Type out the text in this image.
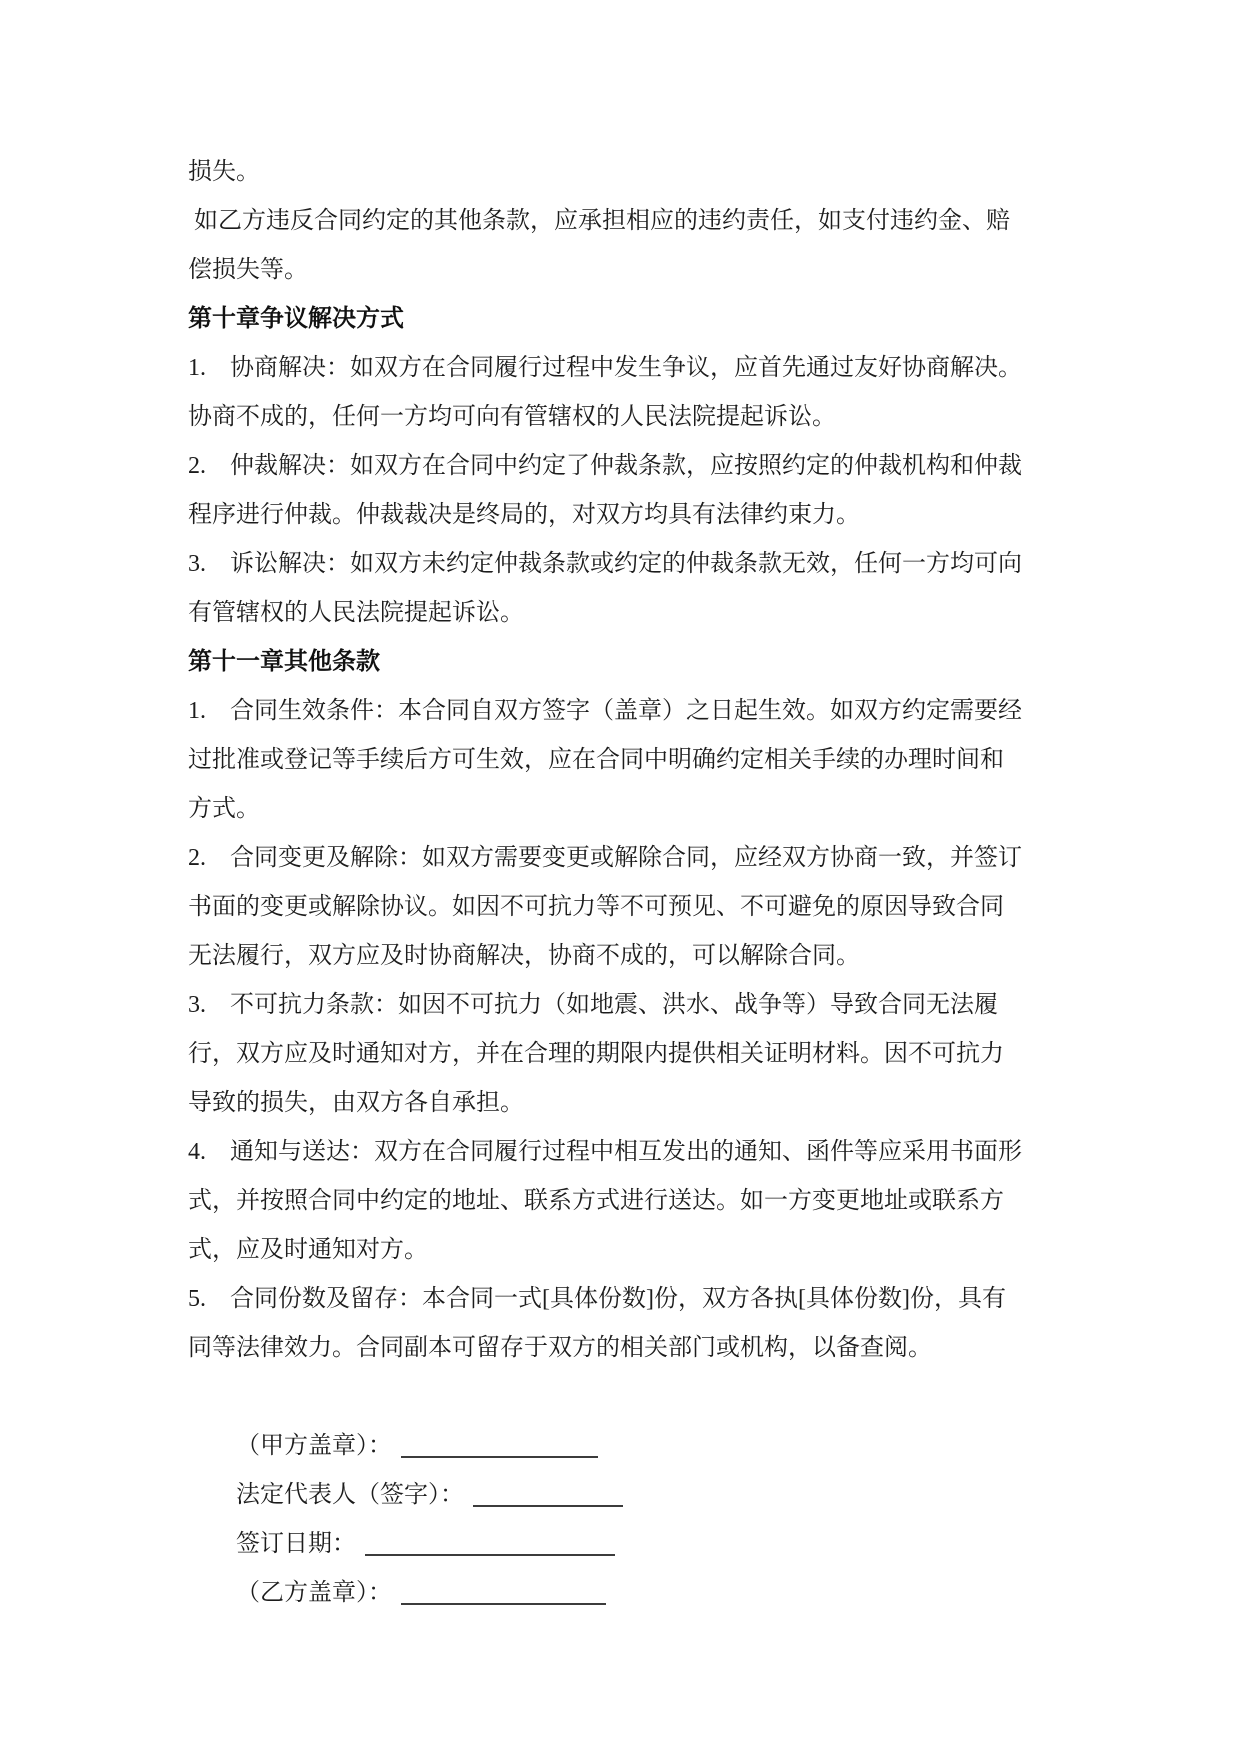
损失。
如乙方违反合同约定的其他条款，应承担相应的违约责任，如支付违约金、赔
偿损失等。
第十章争议解决方式
1.　协商解决：如双方在合同履行过程中发生争议，应首先通过友好协商解决。
协商不成的，任何一方均可向有管辖权的人民法院提起诉讼。
2.　仲裁解决：如双方在合同中约定了仲裁条款，应按照约定的仲裁机构和仲裁
程序进行仲裁。仲裁裁决是终局的，对双方均具有法律约束力。
3.　诉讼解决：如双方未约定仲裁条款或约定的仲裁条款无效，任何一方均可向
有管辖权的人民法院提起诉讼。
第十一章其他条款
1.　合同生效条件：本合同自双方签字（盖章）之日起生效。如双方约定需要经
过批准或登记等手续后方可生效，应在合同中明确约定相关手续的办理时间和
方式。
2.　合同变更及解除：如双方需要变更或解除合同，应经双方协商一致，并签订
书面的变更或解除协议。如因不可抗力等不可预见、不可避免的原因导致合同
无法履行，双方应及时协商解决，协商不成的，可以解除合同。
3.　不可抗力条款：如因不可抗力（如地震、洪水、战争等）导致合同无法履
行，双方应及时通知对方，并在合理的期限内提供相关证明材料。因不可抗力
导致的损失，由双方各自承担。
4.　通知与送达：双方在合同履行过程中相互发出的通知、函件等应采用书面形
式，并按照合同中约定的地址、联系方式进行送达。如一方变更地址或联系方
式，应及时通知对方。
5.　合同份数及留存：本合同一式[具体份数]份，双方各执[具体份数]份，具有
同等法律效力。合同副本可留存于双方的相关部门或机构，以备查阅。

（甲方盖章）：

法定代表人（签字）：

签订日期：

（乙方盖章）：
